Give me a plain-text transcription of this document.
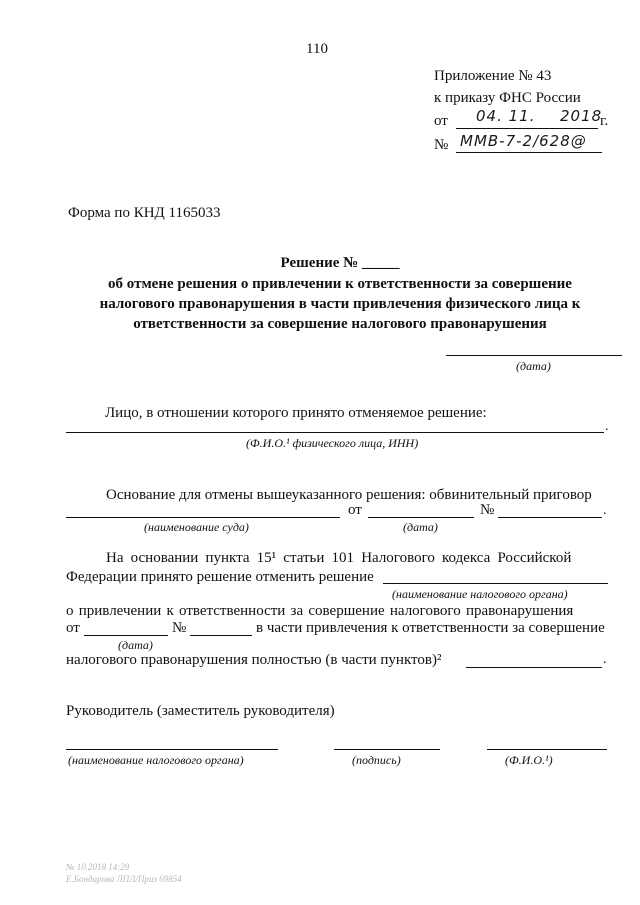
110
Приложение № 43
к приказу ФНС России
от 04. 11. 2018
г.
№ ММВ-7-2/628@
Форма по КНД 1165033
Решение № _____
об отмене решения о привлечении к ответственности за совершение
налогового правонарушения в части привлечения физического лица к
ответственности за совершение налогового правонарушения
(дата)
Лицо, в отношении которого принято отменяемое решение:
.
(Ф.И.О.¹ физического лица, ИНН)
Основание для отмены вышеуказанного решения: обвинительный приговор
от	№	.
(наименование суда)	(дата)
На основании пункта 15¹ статьи 101 Налогового кодекса Российской
Федерации принято решение отменить решение
(наименование налогового органа)
о привлечении к ответственности за совершение налогового правонарушения
от	№	в части привлечения к ответственности за совершение
(дата)
налогового правонарушения полностью (в части пунктов)²	.
Руководитель (заместитель руководителя)
(наименование налогового органа)	(подпись)	(Ф.И.О.¹)
№ 10.2018 14:29
Е.Бондарова ЛПЛ/Приз 69854
